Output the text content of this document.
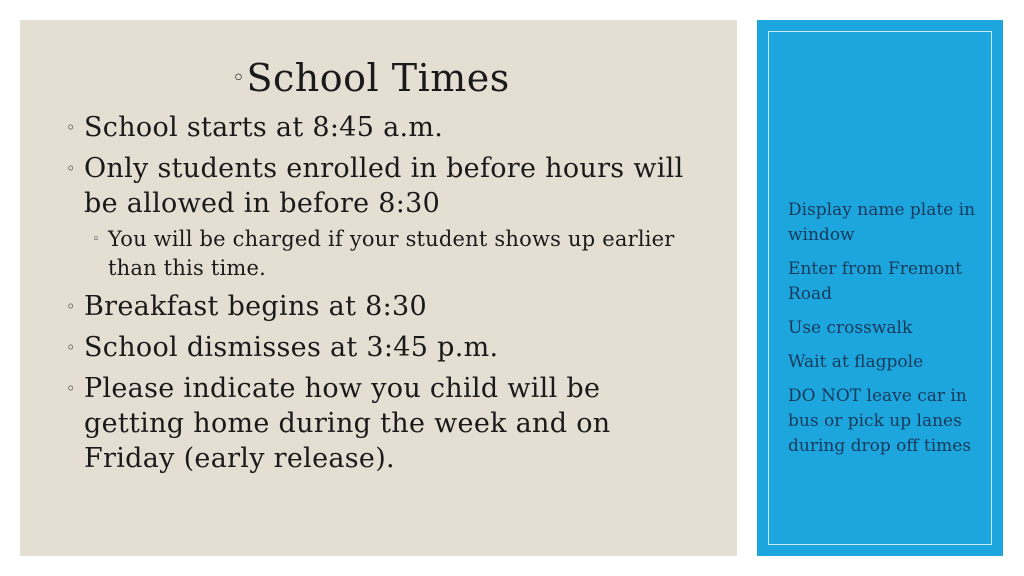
◦School Times
◦ School starts at 8:45 a.m.
◦ Only students enrolled in before hours will be allowed in before 8:30
◦ You will be charged if your student shows up earlier than this time.
◦ Breakfast begins at 8:30
◦ School dismisses at 3:45 p.m.
◦ Please indicate how you child will be getting home during the week and on Friday (early release).
Display name plate in window
Enter from Fremont Road
Use crosswalk
Wait at flagpole
DO NOT leave car in bus or pick up lanes during drop off times
